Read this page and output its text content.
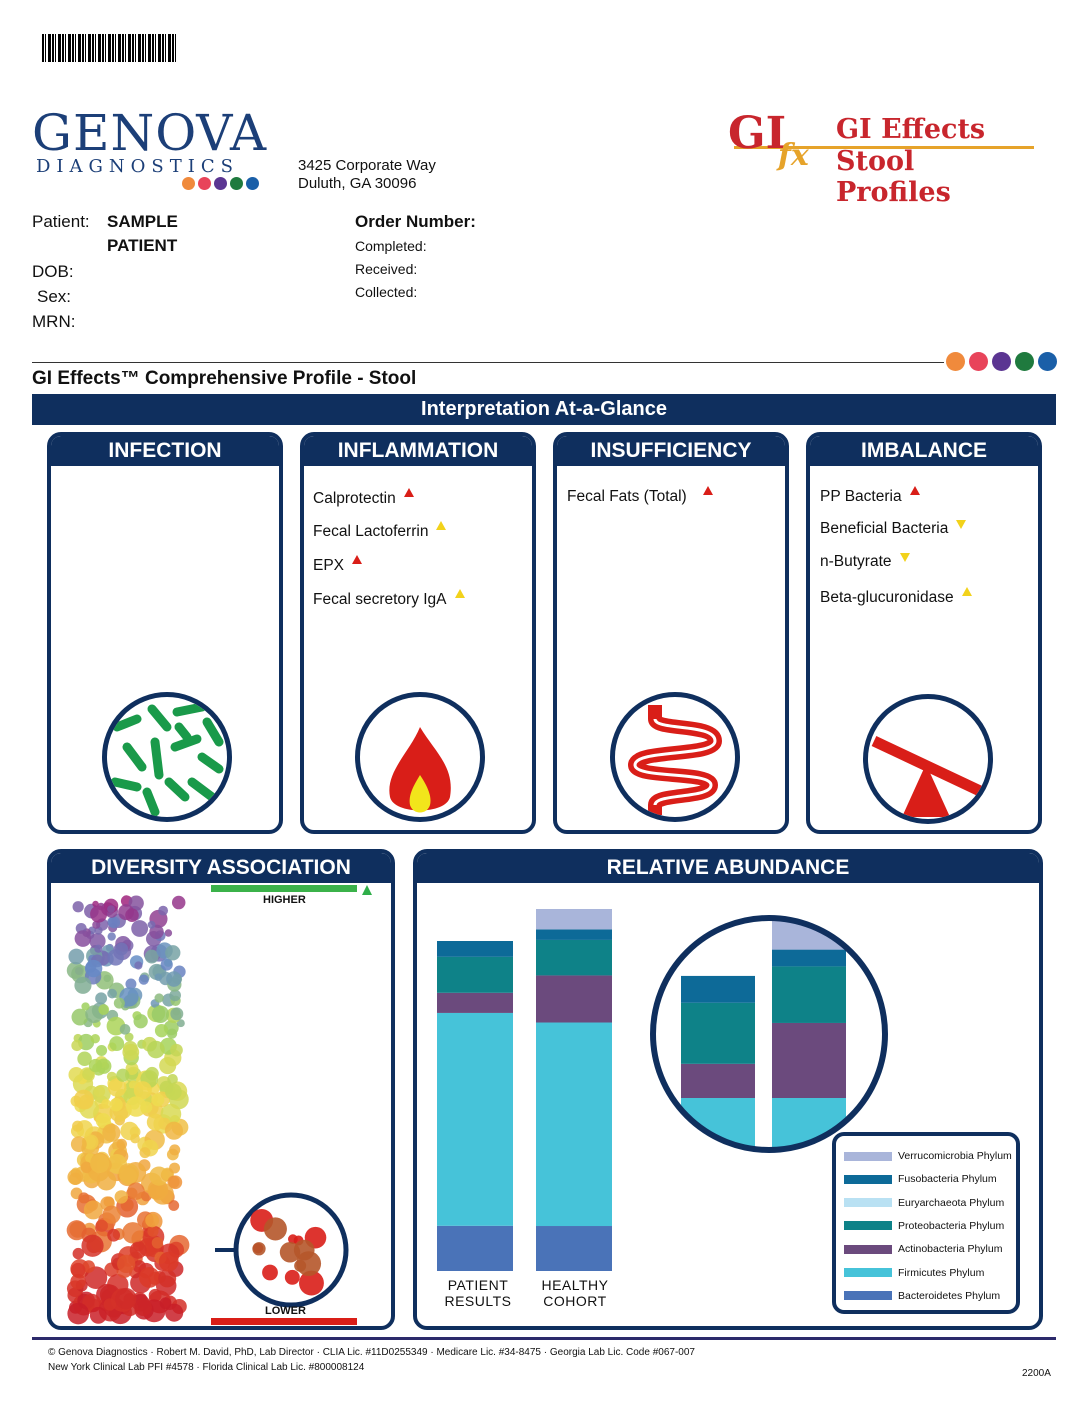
GENOVA
DIAGNOSTICS	3425 Corporate Way
Duluth, GA 30096
GI
fx
GI Effects
Stool Profiles
Patient: SAMPLE
PATIENT
DOB:
Sex:
MRN:
Order Number:
Completed:
Received:
Collected:
GI Effects™ Comprehensive Profile - Stool
Interpretation At-a-Glance
INFECTION	INFLAMMATION
Calprotectin
Fecal Lactoferrin
EPX
Fecal secretory IgA
INSUFFICIENCY
Fecal Fats (Total)
IMBALANCE
PP Bacteria
Beneficial Bacteria
n-Butyrate
Beta-glucuronidase
DIVERSITY ASSOCIATION
HIGHER
LOWER
RELATIVE ABUNDANCE
PATIENT
RESULTS
HEALTHY
COHORT
Verrucomicrobia Phylum
Fusobacteria Phylum
Euryarchaeota Phylum
Proteobacteria Phylum
Actinobacteria Phylum
Firmicutes Phylum
Bacteroidetes Phylum
© Genova Diagnostics · Robert M. David, PhD, Lab Director · CLIA Lic. #11D0255349 · Medicare Lic. #34-8475 · Georgia Lab Lic. Code #067-007
New York Clinical Lab PFI #4578 · Florida Clinical Lab Lic. #800008124
2200A
